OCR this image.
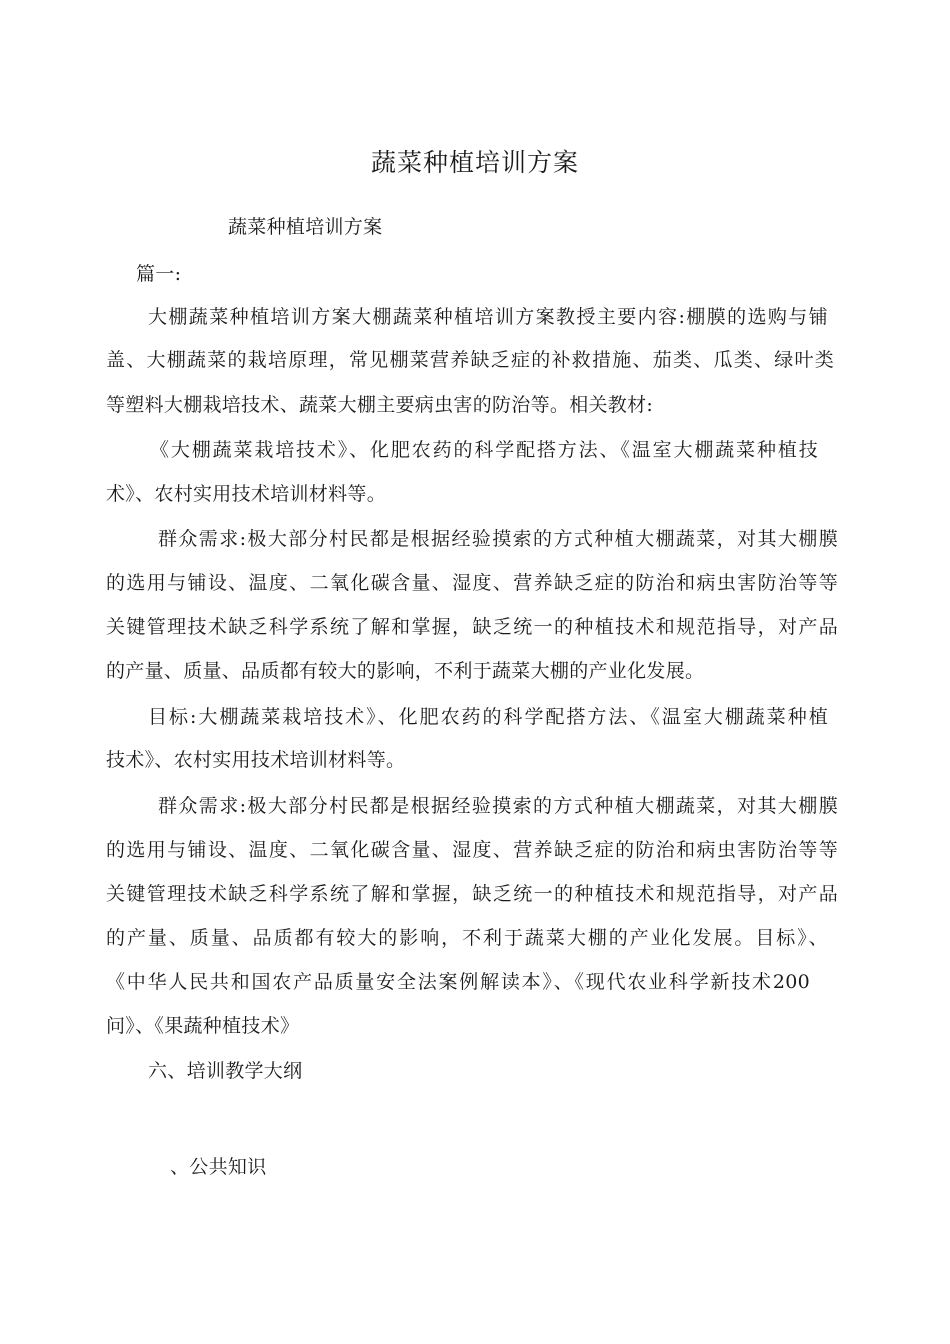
蔬菜种植培训方案
蔬菜种植培训方案
篇一:
大棚蔬菜种植培训方案大棚蔬菜种植培训方案教授主要内容:棚膜的选购与铺
盖、大棚蔬菜的栽培原理，常见棚菜营养缺乏症的补救措施、茄类、瓜类、绿叶类
等塑料大棚栽培技术、蔬菜大棚主要病虫害的防治等。相关教材:
《大棚蔬菜栽培技术》、化肥农药的科学配搭方法、《温室大棚蔬菜种植技
术》、农村实用技术培训材料等。
群众需求:极大部分村民都是根据经验摸索的方式种植大棚蔬菜，对其大棚膜
的选用与铺设、温度、二氧化碳含量、湿度、营养缺乏症的防治和病虫害防治等等
关键管理技术缺乏科学系统了解和掌握，缺乏统一的种植技术和规范指导，对产品
的产量、质量、品质都有较大的影响，不利于蔬菜大棚的产业化发展。
目标:大棚蔬菜栽培技术》、化肥农药的科学配搭方法、《温室大棚蔬菜种植
技术》、农村实用技术培训材料等。
群众需求:极大部分村民都是根据经验摸索的方式种植大棚蔬菜，对其大棚膜
的选用与铺设、温度、二氧化碳含量、湿度、营养缺乏症的防治和病虫害防治等等
关键管理技术缺乏科学系统了解和掌握，缺乏统一的种植技术和规范指导，对产品
的产量、质量、品质都有较大的影响，不利于蔬菜大棚的产业化发展。目标》、
《中华人民共和国农产品质量安全法案例解读本》、《现代农业科学新技术200
问》、《果蔬种植技术》
六、培训教学大纲
、公共知识
